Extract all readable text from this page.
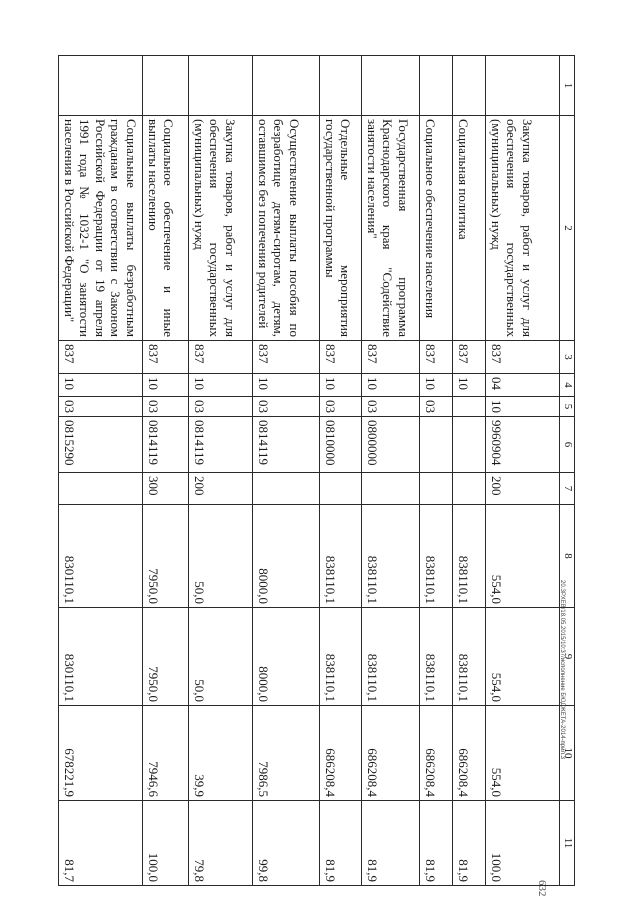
1	2	3	4	5	6	7	8	9	10	11
	Закупка товаров, работ и услуг для обеспечения государственных (муниципальных) нужд	837	04	10	9960904	200	554,0	554,0	554,0	100,0
	Социальная политика	837	10				838110,1	838110,1	686208,4	81,9
	Социальное обеспечение населения	837	10	03			838110,1	838110,1	686208,4	81,9
	Государственная программа Краснодарского края "Содействие занятости населения"	837	10	03	0800000		838110,1	838110,1	686208,4	81,9
	Отдельные мероприятия государственной программы	837	10	03	0810000		838110,1	838110,1	686208,4	81,9
	Осуществление выплаты пособия по безработице детям-сиротам, детям, оставшимся без попечения родителей	837	10	03	0814119		8000,0	8000,0	7986,5	99,8
	Закупка товаров, работ и услуг для обеспечения государственных (муниципальных) нужд	837	10	03	0814119	200	50,0	50,0	39,9	79,8
	Социальное обеспечение и иные выплаты населению	837	10	03	0814119	300	7950,0	7950,0	7946,6	100,0
	Социальные выплаты безработным гражданам в соответствии с Законом Российской Федерации от 19 апреля 1991 года № 1032-1 "О занятости населения в Российской Федерации"	837	10	03	0815290		830110,1	830110,1	678221,9	81,7
20.ЗРХЕВ/18.05.2015/10:37/исполнение БЮДЖЕТА-2014-прил.3
632
